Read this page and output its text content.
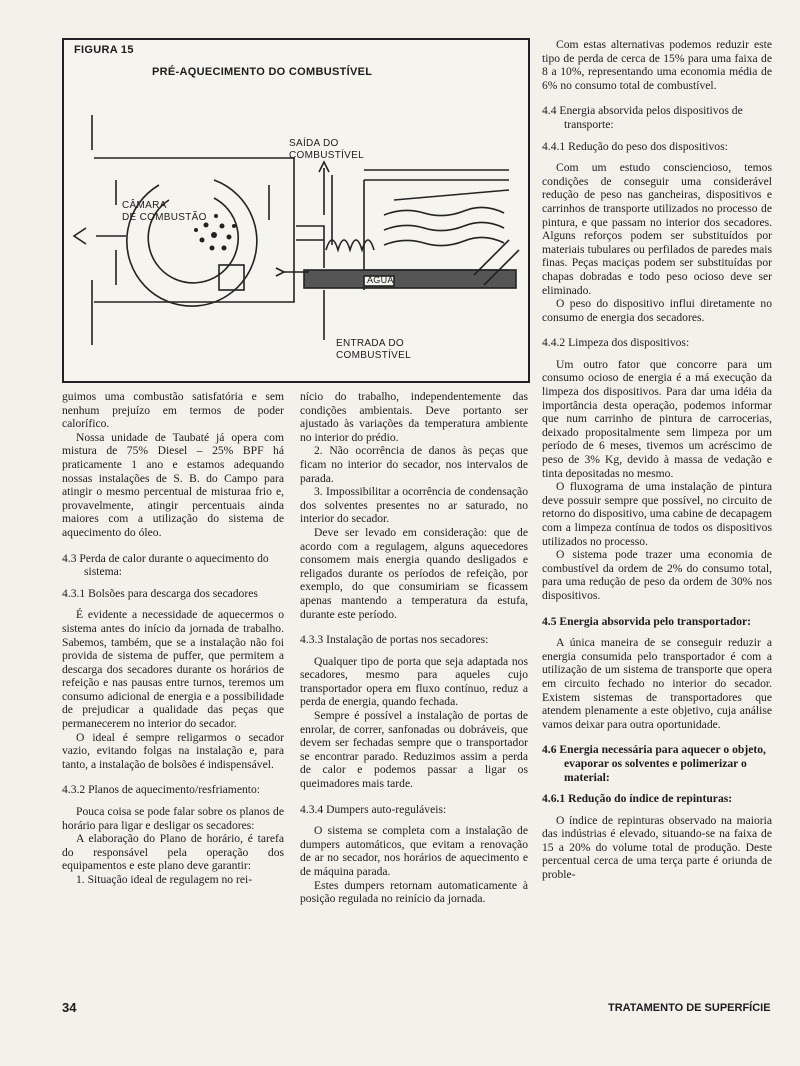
FIGURA 15
PRÉ-AQUECIMENTO DO COMBUSTÍVEL
CÂMARA
DE COMBUSTÃO
SAÍDA DO
COMBUSTÍVEL
ÁGUA
ENTRADA DO
COMBUSTÍVEL

guimos uma combustão satisfatória e sem nenhum prejuízo em termos de poder calorífico.

Nossa unidade de Taubaté já opera com mistura de 75% Diesel – 25% BPF há praticamente 1 ano e estamos adequando nossas instalações de S. B. do Campo para atingir o mesmo percentual de misturaa frio e, provavelmente, atingir percentuais ainda maiores com a utilização do sistema de aquecimento do óleo.

4.3 Perda de calor durante o aquecimento do sistema:
4.3.1 Bolsões para descarga dos secadores

É evidente a necessidade de aquecermos o sistema antes do início da jornada de trabalho. Sabemos, também, que se a instalação não foi provida de sistema de puffer, que permitem a descarga dos secadores durante os horários de refeição e nas pausas entre turnos, teremos um consumo adicional de energia e a possibilidade de prejudicar a qualidade das peças que permanecerem no interior do secador.

O ideal é sempre religarmos o secador vazio, evitando folgas na instalação e, para tanto, a instalação de bolsões é indispensável.

4.3.2 Planos de aquecimento/resfriamento:

Pouca coisa se pode falar sobre os planos de horário para ligar e desligar os secadores:

A elaboração do Plano de horário, é tarefa do responsável pela operação dos equipamentos e este plano deve garantir:

1. Situação ideal de regulagem no rei-

nício do trabalho, independentemente das condições ambientais. Deve portanto ser ajustado às variações da temperatura ambiente no interior do prédio.

2. Não ocorrência de danos às peças que ficam no interior do secador, nos intervalos de parada.

3. Impossibilitar a ocorrência de condensação dos solventes presentes no ar saturado, no interior do secador.

Deve ser levado em consideração: que de acordo com a regulagem, alguns aquecedores consomem mais energia quando desligados e religados durante os períodos de refeição, por exemplo, do que consumiriam se ficassem apenas mantendo a temperatura da estufa, durante este período.

4.3.3 Instalação de portas nos secadores:

Qualquer tipo de porta que seja adaptada nos secadores, mesmo para aqueles cujo transportador opera em fluxo contínuo, reduz a perda de energia, quando fechada.

Sempre é possível a instalação de portas de enrolar, de correr, sanfonadas ou dobráveis, que devem ser fechadas sempre que o transportador se encontrar parado. Reduzimos assim a perda de calor e podemos passar a ligar os queimadores mais tarde.

4.3.4 Dumpers auto-reguláveis:

O sistema se completa com a instalação de dumpers automáticos, que evitam a renovação de ar no secador, nos horários de aquecimento e de máquina parada.

Estes dumpers retornam automaticamente à posição regulada no reinício da jornada.

Com estas alternativas podemos reduzir este tipo de perda de cerca de 15% para uma faixa de 8 a 10%, representando uma economia média de 6% no consumo total de combustível.

4.4 Energia absorvida pelos dispositivos de transporte:
4.4.1 Redução do peso dos dispositivos:

Com um estudo consciencioso, temos condições de conseguir uma considerável redução de peso nas gancheiras, dispositivos e carrinhos de transporte utilizados no processo de pintura, e que passam no interior dos secadores. Alguns reforços podem ser substituídos por materiais tubulares ou perfilados de paredes mais finas. Peças maciças podem ser substituídas por chapas dobradas e todo peso ocioso deve ser eliminado.

O peso do dispositivo influi diretamente no consumo de energia dos secadores.

4.4.2 Limpeza dos dispositivos:

Um outro fator que concorre para um consumo ocioso de energia é a má execução da limpeza dos dispositivos. Para dar uma idéia da importância desta operação, podemos informar que num carrinho de pintura de carrocerias, deixado propositalmente sem limpeza por um período de 6 meses, tivemos um acréscimo de peso de 3% Kg, devido à massa de vedação e tinta depositadas no mesmo.

O fluxograma de uma instalação de pintura deve possuir sempre que possível, no circuito de retorno do dispositivo, uma cabine de decapagem com a limpeza contínua de todos os dispositivos utilizados no processo.

O sistema pode trazer uma economia de combustível da ordem de 2% do consumo total, para uma redução de peso da ordem de 30% nos dispositivos.

4.5 Energia absorvida pelo transportador:

A única maneira de se conseguir reduzir a energia consumida pelo transportador é com a utilização de um sistema de transporte que opera em circuito fechado no interior do secador. Existem sistemas de transportadores que atendem plenamente a este objetivo, cuja análise vamos deixar para outra oportunidade.

4.6 Energia necessária para aquecer o objeto, evaporar os solventes e polimerizar o material:
4.6.1 Redução do índice de repinturas:

O índice de repinturas observado na maioria das indústrias é elevado, situando-se na faixa de 15 a 20% do volume total de produção. Deste percentual cerca de uma terça parte é oriunda de proble-

34	TRATAMENTO DE SUPERFÍCIE
